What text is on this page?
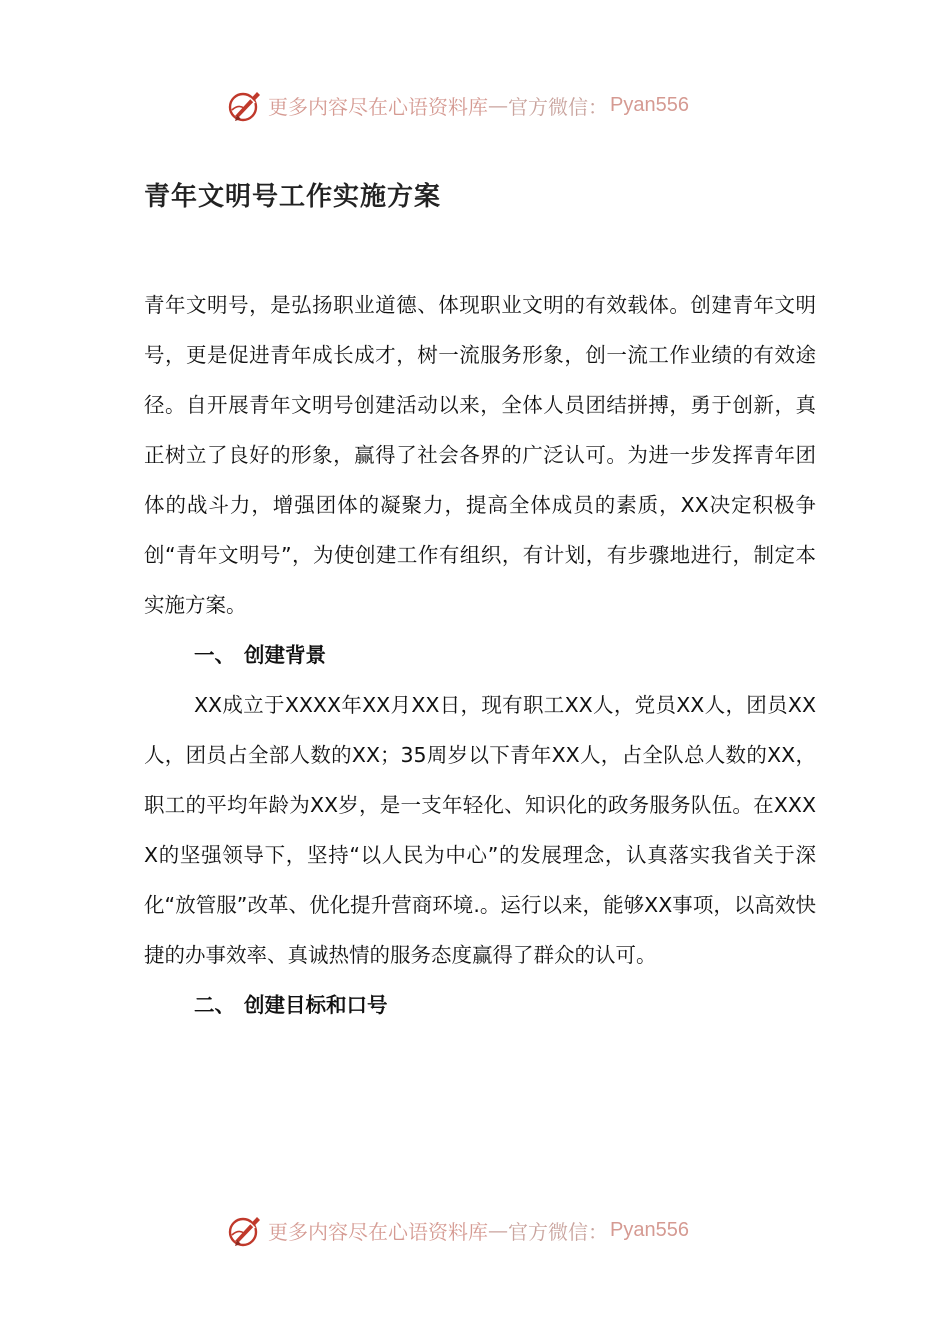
更多内容尽在心语资料库 — 官方微信： Pyan556
青年文明号工作实施方案

青年文明号，是弘扬职业道德、体现职业文明的有效载体。创建青年文明号，更是促进青年成长成才，树一流服务形象，创一流工作业绩的有效途径。自开展青年文明号创建活动以来，全体人员团结拼搏，勇于创新，真正树立了良好的形象，赢得了社会各界的广泛认可。为进一步发挥青年团体的战斗力，增强团体的凝聚力，提高全体成员的素质，XX决定积极争创“青年文明号”，为使创建工作有组织，有计划，有步骤地进行，制定本实施方案。

一、 创建背景

XX成立于XXXX年XX月XX日，现有职工XX人，党员XX人，团员XX人，团员占全部人数的XX；35周岁以下青年XX人，占全队总人数的XX，职工的平均年龄为XX岁，是一支年轻化、知识化的政务服务队伍。在XXXX的坚强领导下，坚持“以人民为中心”的发展理念，认真落实我省关于深化“放管服”改革、优化提升营商环境.。运行以来，能够XX事项，以高效快捷的办事效率、真诚热情的服务态度赢得了群众的认可。

二、 创建目标和口号
更多内容尽在心语资料库 — 官方微信： Pyan556
